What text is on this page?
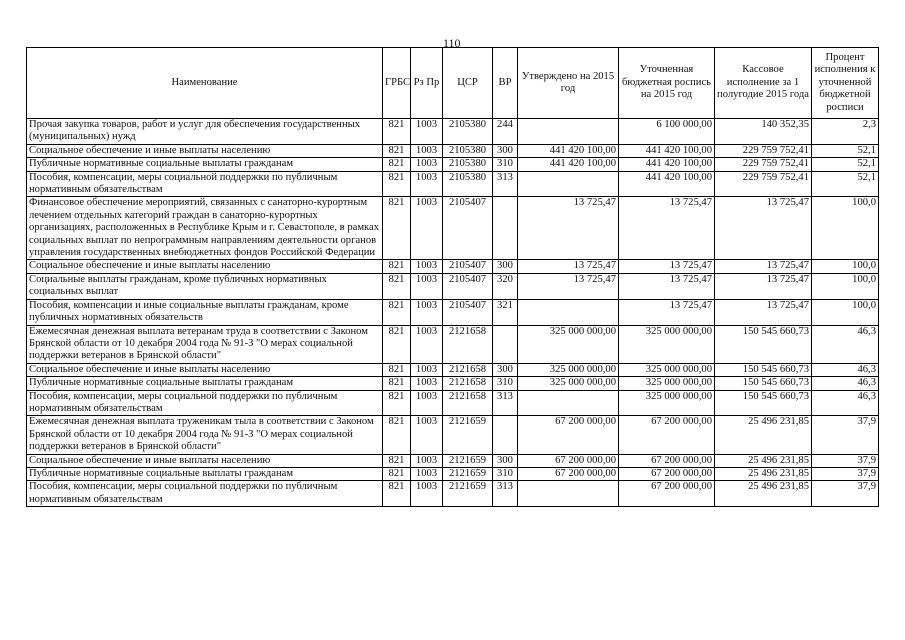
110
Наименование	ГРБС	Рз Пр	ЦСР	ВР	Утверждено на 2015 год	Уточненная бюджетная роспись на 2015 год	Кассовое исполнение за 1 полугодие 2015 года	Процент исполнения к уточненной бюджетной росписи
Прочая закупка товаров, работ и услуг для обеспечения государственных (муниципальных) нужд	821	1003	2105380	244		6 100 000,00	140 352,35	2,3
Социальное обеспечение и иные выплаты населению	821	1003	2105380	300	441 420 100,00	441 420 100,00	229 759 752,41	52,1
Публичные нормативные социальные выплаты гражданам	821	1003	2105380	310	441 420 100,00	441 420 100,00	229 759 752,41	52,1
Пособия, компенсации, меры социальной поддержки по публичным нормативным обязательствам	821	1003	2105380	313		441 420 100,00	229 759 752,41	52,1
Финансовое обеспечение мероприятий, связанных с санаторно-курортным лечением отдельных категорий граждан в санаторно-курортных организациях, расположенных в Республике Крым и г. Севастополе, в рамках социальных выплат по непрограммным направлениям деятельности органов управления государственных внебюджетных фондов Российской Федерации	821	1003	2105407		13 725,47	13 725,47	13 725,47	100,0
Социальное обеспечение и иные выплаты населению	821	1003	2105407	300	13 725,47	13 725,47	13 725,47	100,0
Социальные выплаты гражданам, кроме публичных нормативных социальных выплат	821	1003	2105407	320	13 725,47	13 725,47	13 725,47	100,0
Пособия, компенсации и иные социальные выплаты гражданам, кроме публичных нормативных обязательств	821	1003	2105407	321		13 725,47	13 725,47	100,0
Ежемесячная денежная выплата ветеранам труда в соответствии с Законом Брянской области от 10 декабря 2004 года № 91-З "О мерах социальной поддержки ветеранов в Брянской области"	821	1003	2121658		325 000 000,00	325 000 000,00	150 545 660,73	46,3
Социальное обеспечение и иные выплаты населению	821	1003	2121658	300	325 000 000,00	325 000 000,00	150 545 660,73	46,3
Публичные нормативные социальные выплаты гражданам	821	1003	2121658	310	325 000 000,00	325 000 000,00	150 545 660,73	46,3
Пособия, компенсации, меры социальной поддержки по публичным нормативным обязательствам	821	1003	2121658	313		325 000 000,00	150 545 660,73	46,3
Ежемесячная денежная выплата труженикам тыла в соответствии с Законом Брянской области от 10 декабря 2004 года № 91-З "О мерах социальной поддержки ветеранов в Брянской области"	821	1003	2121659		67 200 000,00	67 200 000,00	25 496 231,85	37,9
Социальное обеспечение и иные выплаты населению	821	1003	2121659	300	67 200 000,00	67 200 000,00	25 496 231,85	37,9
Публичные нормативные социальные выплаты гражданам	821	1003	2121659	310	67 200 000,00	67 200 000,00	25 496 231,85	37,9
Пособия, компенсации, меры социальной поддержки по публичным нормативным обязательствам	821	1003	2121659	313		67 200 000,00	25 496 231,85	37,9
